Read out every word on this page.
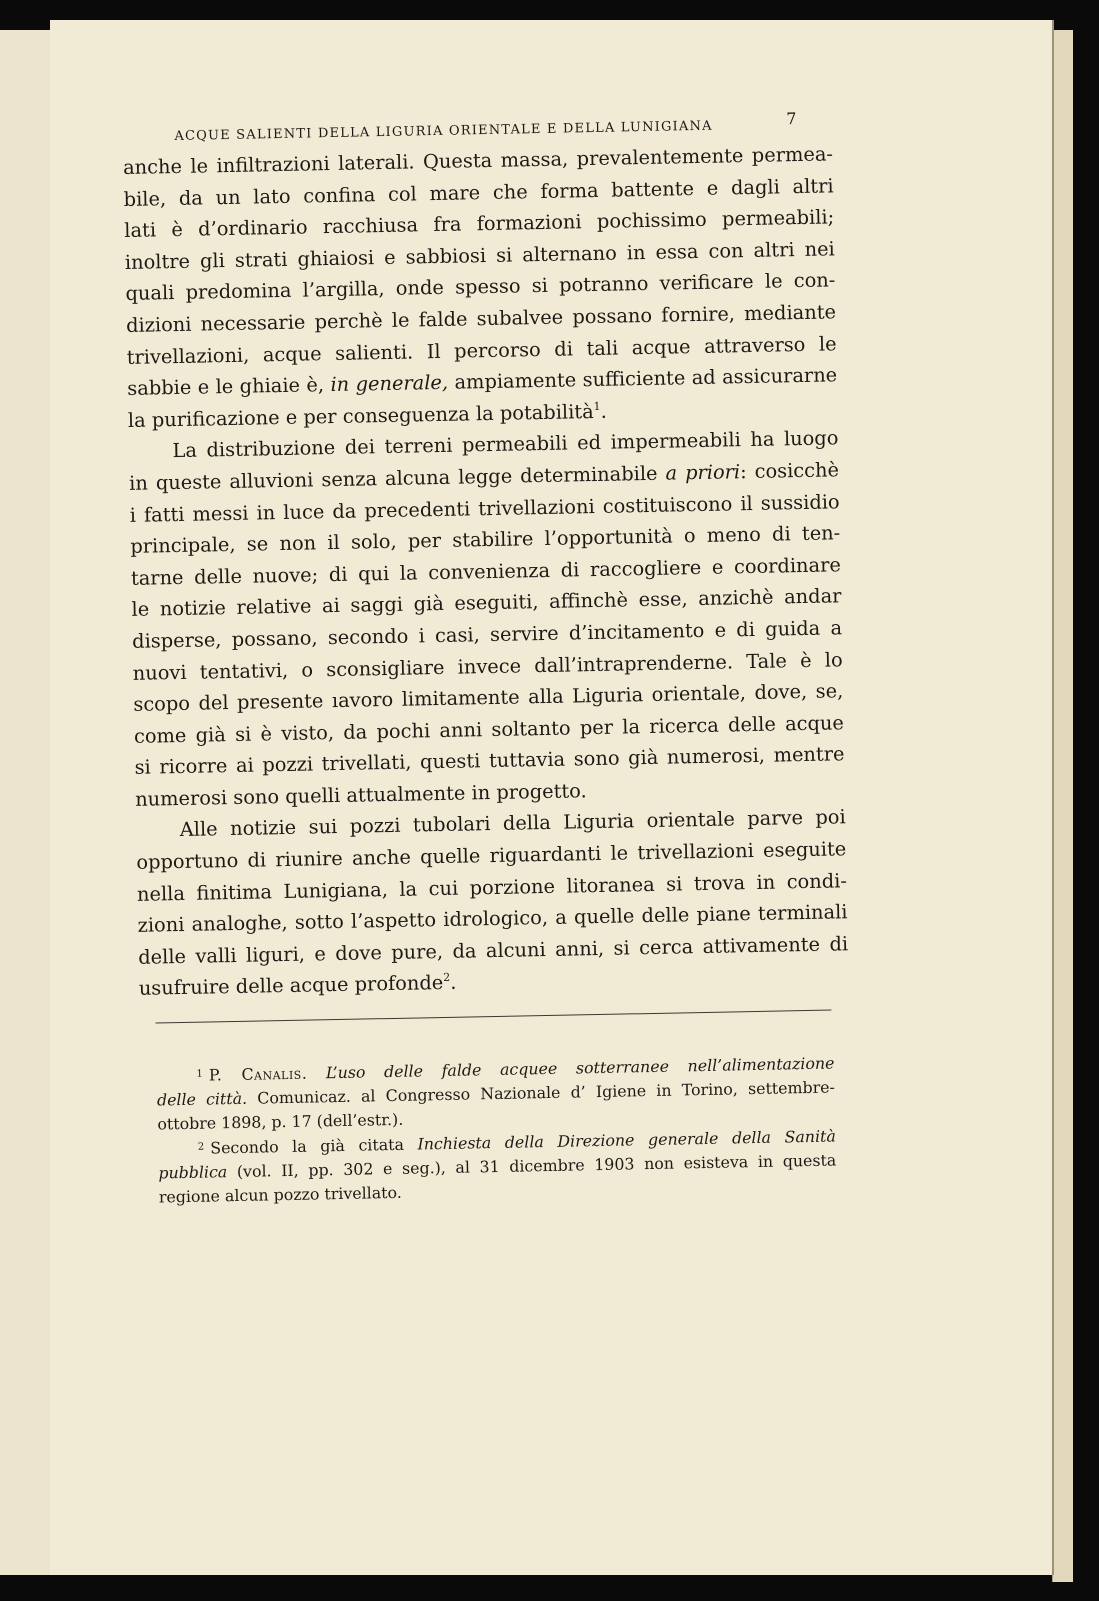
ACQUE SALIENTI DELLA LIGURIA ORIENTALE E DELLA LUNIGIANA
7
anche le infiltrazioni laterali. Questa massa, prevalentemente permea-
bile, da un lato confina col mare che forma battente e dagli altri
lati è d’ordinario racchiusa fra formazioni pochissimo permeabili;
inoltre gli strati ghiaiosi e sabbiosi si alternano in essa con altri nei
quali predomina l’argilla, onde spesso si potranno verificare le con-
dizioni necessarie perchè le falde subalvee possano fornire, mediante
trivellazioni, acque salienti. Il percorso di tali acque attraverso le
sabbie e le ghiaie è, in generale, ampiamente sufficiente ad assicurarne
la purificazione e per conseguenza la potabilità$^1$.
La distribuzione dei terreni permeabili ed impermeabili ha luogo
in queste alluvioni senza alcuna legge determinabile a priori: cosicchè
i fatti messi in luce da precedenti trivellazioni costituiscono il sussidio
principale, se non il solo, per stabilire l’opportunità o meno di ten-
tarne delle nuove; di qui la convenienza di raccogliere e coordinare
le notizie relative ai saggi già eseguiti, affinchè esse, anzichè andar
disperse, possano, secondo i casi, servire d’incitamento e di guida a
nuovi tentativi, o sconsigliare invece dall’intraprenderne. Tale è lo
scopo del presente ıavoro limitamente alla Liguria orientale, dove, se,
come già si è visto, da pochi anni soltanto per la ricerca delle acque
si ricorre ai pozzi trivellati, questi tuttavia sono già numerosi, mentre
numerosi sono quelli attualmente in progetto.
Alle notizie sui pozzi tubolari della Liguria orientale parve poi
opportuno di riunire anche quelle riguardanti le trivellazioni eseguite
nella finitima Lunigiana, la cui porzione litoranea si trova in condi-
zioni analoghe, sotto l’aspetto idrologico, a quelle delle piane terminali
delle valli liguri, e dove pure, da alcuni anni, si cerca attivamente di
usufruire delle acque profonde$^2$.
$^1$ P. Canalis. L’uso delle falde acquee sotterranee nell’alimentazione
delle città. Comunicaz. al Congresso Nazionale d’ Igiene in Torino, settembre-
ottobre 1898, p. 17 (dell’estr.).
$^2$ Secondo la già citata Inchiesta della Direzione generale della Sanità
pubblica (vol. II, pp. 302 e seg.), al 31 dicembre 1903 non esisteva in questa
regione alcun pozzo trivellato.
